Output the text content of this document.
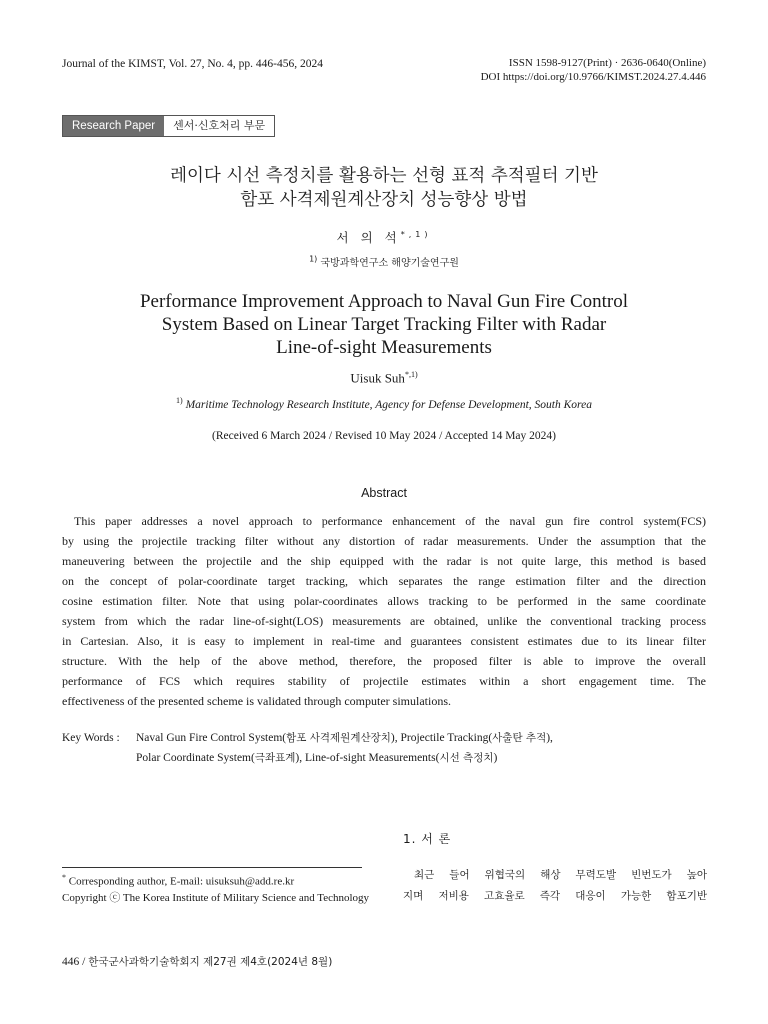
Journal of the KIMST, Vol. 27, No. 4, pp. 446-456, 2024	ISSN 1598-9127(Print) · 2636-0640(Online)
DOI https://doi.org/10.9766/KIMST.2024.27.4.446
Research Paper	센서·신호처리 부문
레이다 시선 측정치를 활용하는 선형 표적 추적필터 기반
함포 사격제원계산장치 성능향상 방법
서 의 석$^{*,1)}$
$^{1)}$ 국방과학연구소 해양기술연구원
Performance Improvement Approach to Naval Gun Fire Control
System Based on Linear Target Tracking Filter with Radar
Line-of-sight Measurements
Uisuk Suh$^{*,1)}$
$^{1)}$ Maritime Technology Research Institute, Agency for Defense Development, South Korea
(Received 6 March 2024 / Revised 10 May 2024 / Accepted 14 May 2024)
Abstract
This paper addresses a novel approach to performance enhancement of the naval gun fire control system(FCS)
by using the projectile tracking filter without any distortion of radar measurements. Under the assumption that the
maneuvering between the projectile and the ship equipped with the radar is not quite large, this method is based
on the concept of polar-coordinate target tracking, which separates the range estimation filter and the direction
cosine estimation filter. Note that using polar-coordinates allows tracking to be performed in the same coordinate
system from which the radar line-of-sight(LOS) measurements are obtained, unlike the conventional tracking process
in Cartesian. Also, it is easy to implement in real-time and guarantees consistent estimates due to its linear filter
structure. With the help of the above method, therefore, the proposed filter is able to improve the overall
performance of FCS which requires stability of projectile estimates within a short engagement time. The
effectiveness of the presented scheme is validated through computer simulations.
Key Words :	Naval Gun Fire Control System(함포 사격제원계산장치), Projectile Tracking(사출탄 추적),
Polar Coordinate System(극좌표계), Line-of-sight Measurements(시선 측정치)
1. 서 론
* Corresponding author, E-mail: uisuksuh@add.re.kr
Copyright ⓒ The Korea Institute of Military Science and Technology
최근 들어 위협국의 해상 무력도발 빈번도가 높아
지며 저비용 고효율로 즉각 대응이 가능한 함포기반
446 / 한국군사과학기술학회지 제27권 제4호(2024년 8월)
